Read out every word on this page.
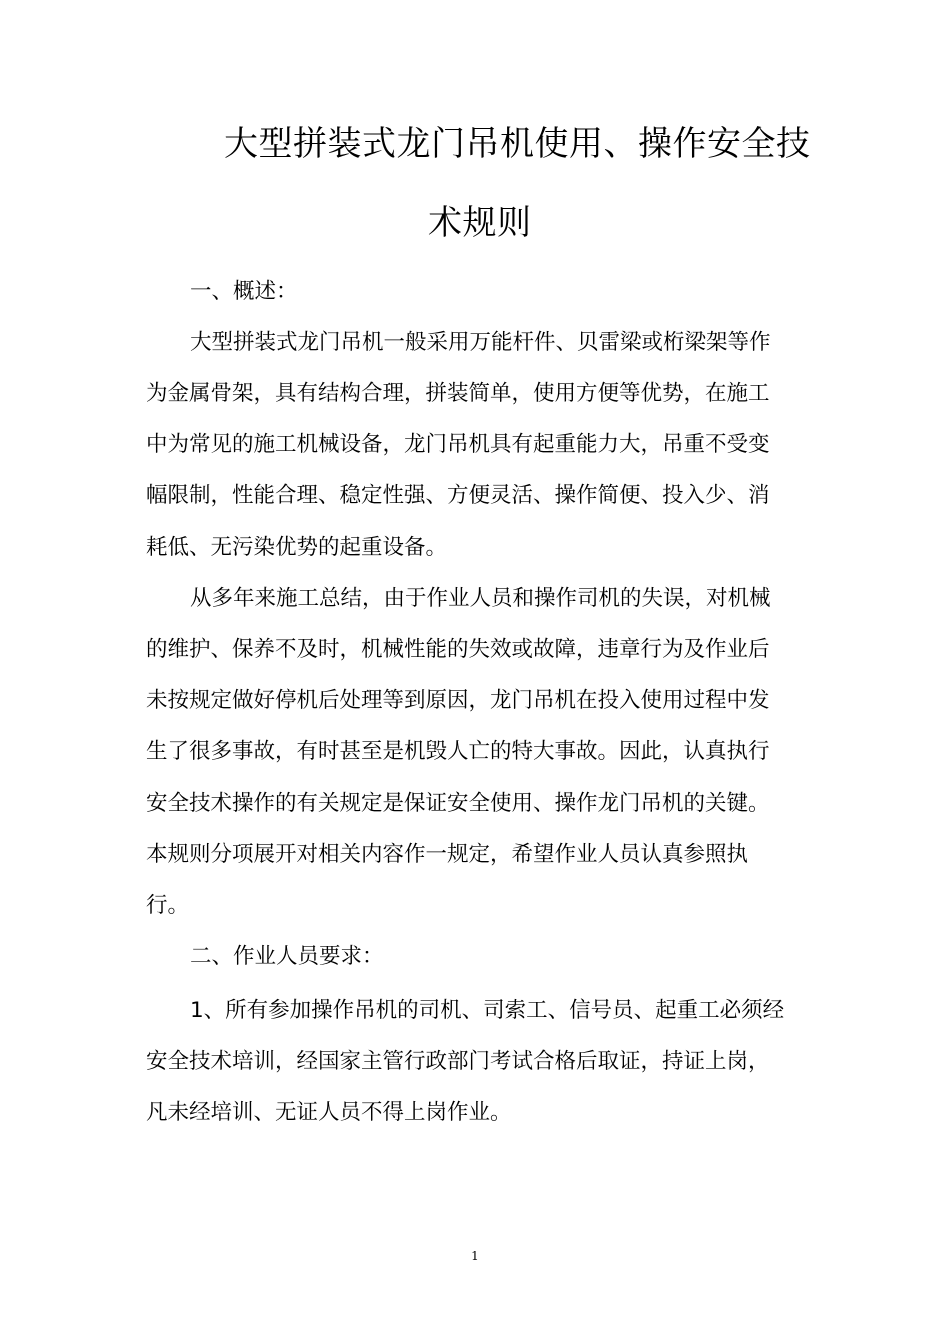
大型拼装式龙门吊机使用、操作安全技
术规则

一、概述：

大型拼装式龙门吊机一般采用万能杆件、贝雷梁或桁梁架等作

为金属骨架，具有结构合理，拼装简单，使用方便等优势，在施工

中为常见的施工机械设备，龙门吊机具有起重能力大，吊重不受变

幅限制，性能合理、稳定性强、方便灵活、操作简便、投入少、消

耗低、无污染优势的起重设备。

从多年来施工总结，由于作业人员和操作司机的失误，对机械

的维护、保养不及时，机械性能的失效或故障，违章行为及作业后

未按规定做好停机后处理等到原因，龙门吊机在投入使用过程中发

生了很多事故，有时甚至是机毁人亡的特大事故。因此，认真执行

安全技术操作的有关规定是保证安全使用、操作龙门吊机的关键。

本规则分项展开对相关内容作一规定，希望作业人员认真参照执

行。

二、作业人员要求：

1、所有参加操作吊机的司机、司索工、信号员、起重工必须经

安全技术培训，经国家主管行政部门考试合格后取证，持证上岗，

凡未经培训、无证人员不得上岗作业。

1
